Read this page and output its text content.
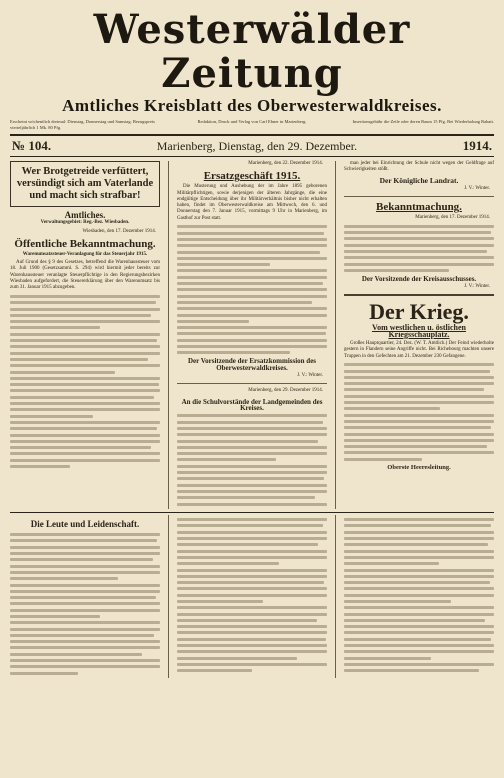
Westerwälder Zeitung
Amtliches Kreisblatt des Oberwesterwaldkreises.
Erscheint wöchentlich dreimal: Dienstag, Donnerstag und Samstag. Bezugspreis vierteljährlich 1 Mk. 80 Pfg.
Redaktion, Druck und Verlag von Carl Ebner in Marienberg.	Insertionsgebühr die Zeile oder deren Raum 15 Pfg. Bei Wiederholung Rabatt.
№ 104.	Marienberg, Dienstag, den 29. Dezember.	1914.
Wer Brotgetreide verfüttert, versündigt sich am Vaterlande und macht sich strafbar!
Amtliches.
Verwaltungsgebiet: Reg.-Bez. Wiesbaden.
Wiesbaden, den 17. Dezember 1914.
Öffentliche Bekanntmachung.
Warenumsatzsteuer-Veranlagung für das Steuerjahr 1915.

Auf Grund des § 9 des Gesetzes, betreffend die Warenhaussteuer vom 18. Juli 1900 (Gesetzsamml. S. 294) wird hiermit jeder bereits zur Warenhaussteuer veranlagte Steuerpflichtige in den Regierungsbezirken Wiesbaden aufgefordert, die Steuererklärung über den Warenumsatz bis zum 31. Januar 1915 abzugeben.

Marienberg, den 22. Dezember 1914.
Ersatzgeschäft 1915.

Die Musterung und Aushebung der im Jahre 1895 geborenen Militärpflichtigen, sowie derjenigen der älteren Jahrgänge, die eine endgültige Entscheidung über ihr Militärverhältnis bisher nicht erhalten haben, findet im Oberwesterwaldkreise am Mittwoch, den 6. und Donnerstag den 7. Januar 1915, vormittags 9 Uhr in Marienberg, im Gasthof zur Post statt.

Der Vorsitzende der Ersatzkommission des Oberwesterwaldkreises.
J. V.: Winter.
Marienberg, den 29. Dezember 1914.
An die Schulvorstände der Landgemeinden des Kreises.

man jeder bei Einrichtung der Schule nicht wegen der Geldfrage auf Schwierigkeiten stößt.

Der Königliche Landrat.
J. V.: Winter.
Bekanntmachung.
Marienberg, den 17. Dezember 1914.
Der Vorsitzende der Kreisausschusses.
J. V.: Winter.
Der Krieg.
Vom westlichen u. östlichen Kriegsschauplatz.

Großes Hauptquartier, 24. Dez. (W. T. Amtlich.) Der Feind wiederholte gestern in Flandern seine Angriffe nicht. Bei Richebourg machten unsere Truppen in den Gefechten am 21. Dezember 230 Gefangene.

Oberste Heeresleitung.
Die Leute und Leidenschaft.
